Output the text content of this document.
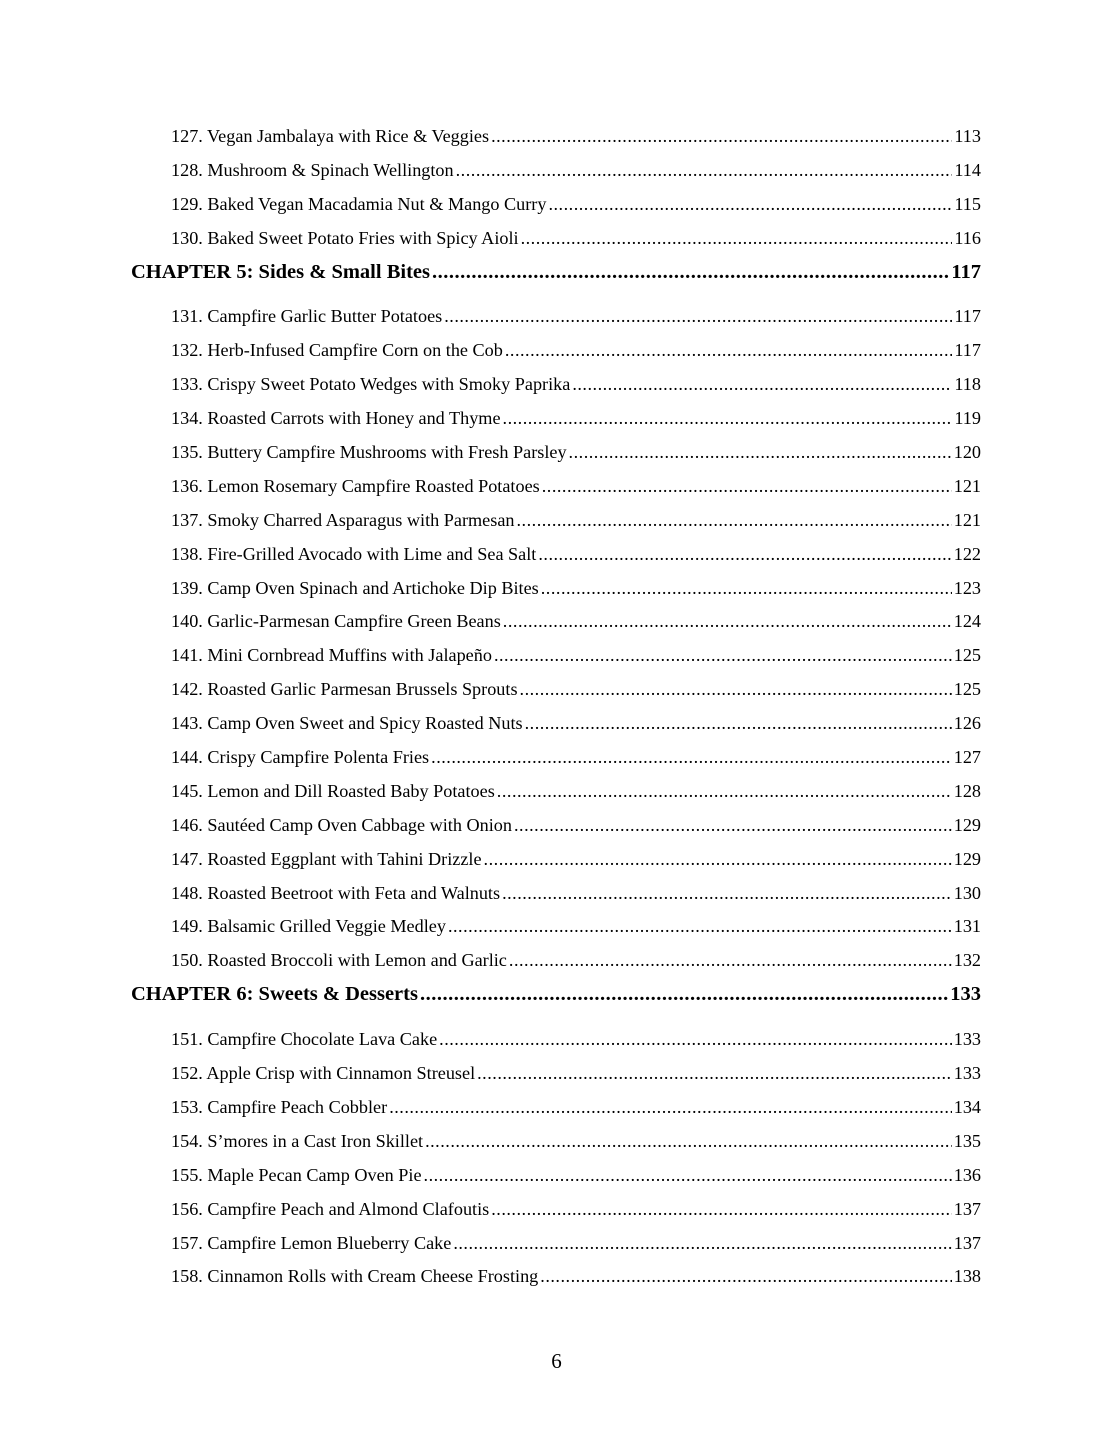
127. Vegan Jambalaya with Rice & Veggies .....	113
128. Mushroom & Spinach Wellington .....	114
129. Baked Vegan Macadamia Nut & Mango Curry .....	115
130. Baked Sweet Potato Fries with Spicy Aioli .....	116
CHAPTER 5: Sides & Small Bites .....	117
131. Campfire Garlic Butter Potatoes .....	117
132. Herb-Infused Campfire Corn on the Cob .....	117
133. Crispy Sweet Potato Wedges with Smoky Paprika .....	118
134. Roasted Carrots with Honey and Thyme .....	119
135. Buttery Campfire Mushrooms with Fresh Parsley .....	120
136. Lemon Rosemary Campfire Roasted Potatoes .....	121
137. Smoky Charred Asparagus with Parmesan .....	121
138. Fire-Grilled Avocado with Lime and Sea Salt .....	122
139. Camp Oven Spinach and Artichoke Dip Bites .....	123
140. Garlic-Parmesan Campfire Green Beans .....	124
141. Mini Cornbread Muffins with Jalapeño .....	125
142. Roasted Garlic Parmesan Brussels Sprouts .....	125
143. Camp Oven Sweet and Spicy Roasted Nuts .....	126
144. Crispy Campfire Polenta Fries .....	127
145. Lemon and Dill Roasted Baby Potatoes .....	128
146. Sautéed Camp Oven Cabbage with Onion .....	129
147. Roasted Eggplant with Tahini Drizzle .....	129
148. Roasted Beetroot with Feta and Walnuts .....	130
149. Balsamic Grilled Veggie Medley .....	131
150. Roasted Broccoli with Lemon and Garlic .....	132
CHAPTER 6: Sweets & Desserts .....	133
151. Campfire Chocolate Lava Cake .....	133
152. Apple Crisp with Cinnamon Streusel .....	133
153. Campfire Peach Cobbler .....	134
154. S’mores in a Cast Iron Skillet .....	135
155. Maple Pecan Camp Oven Pie .....	136
156. Campfire Peach and Almond Clafoutis .....	137
157. Campfire Lemon Blueberry Cake .....	137
158. Cinnamon Rolls with Cream Cheese Frosting .....	138
6
